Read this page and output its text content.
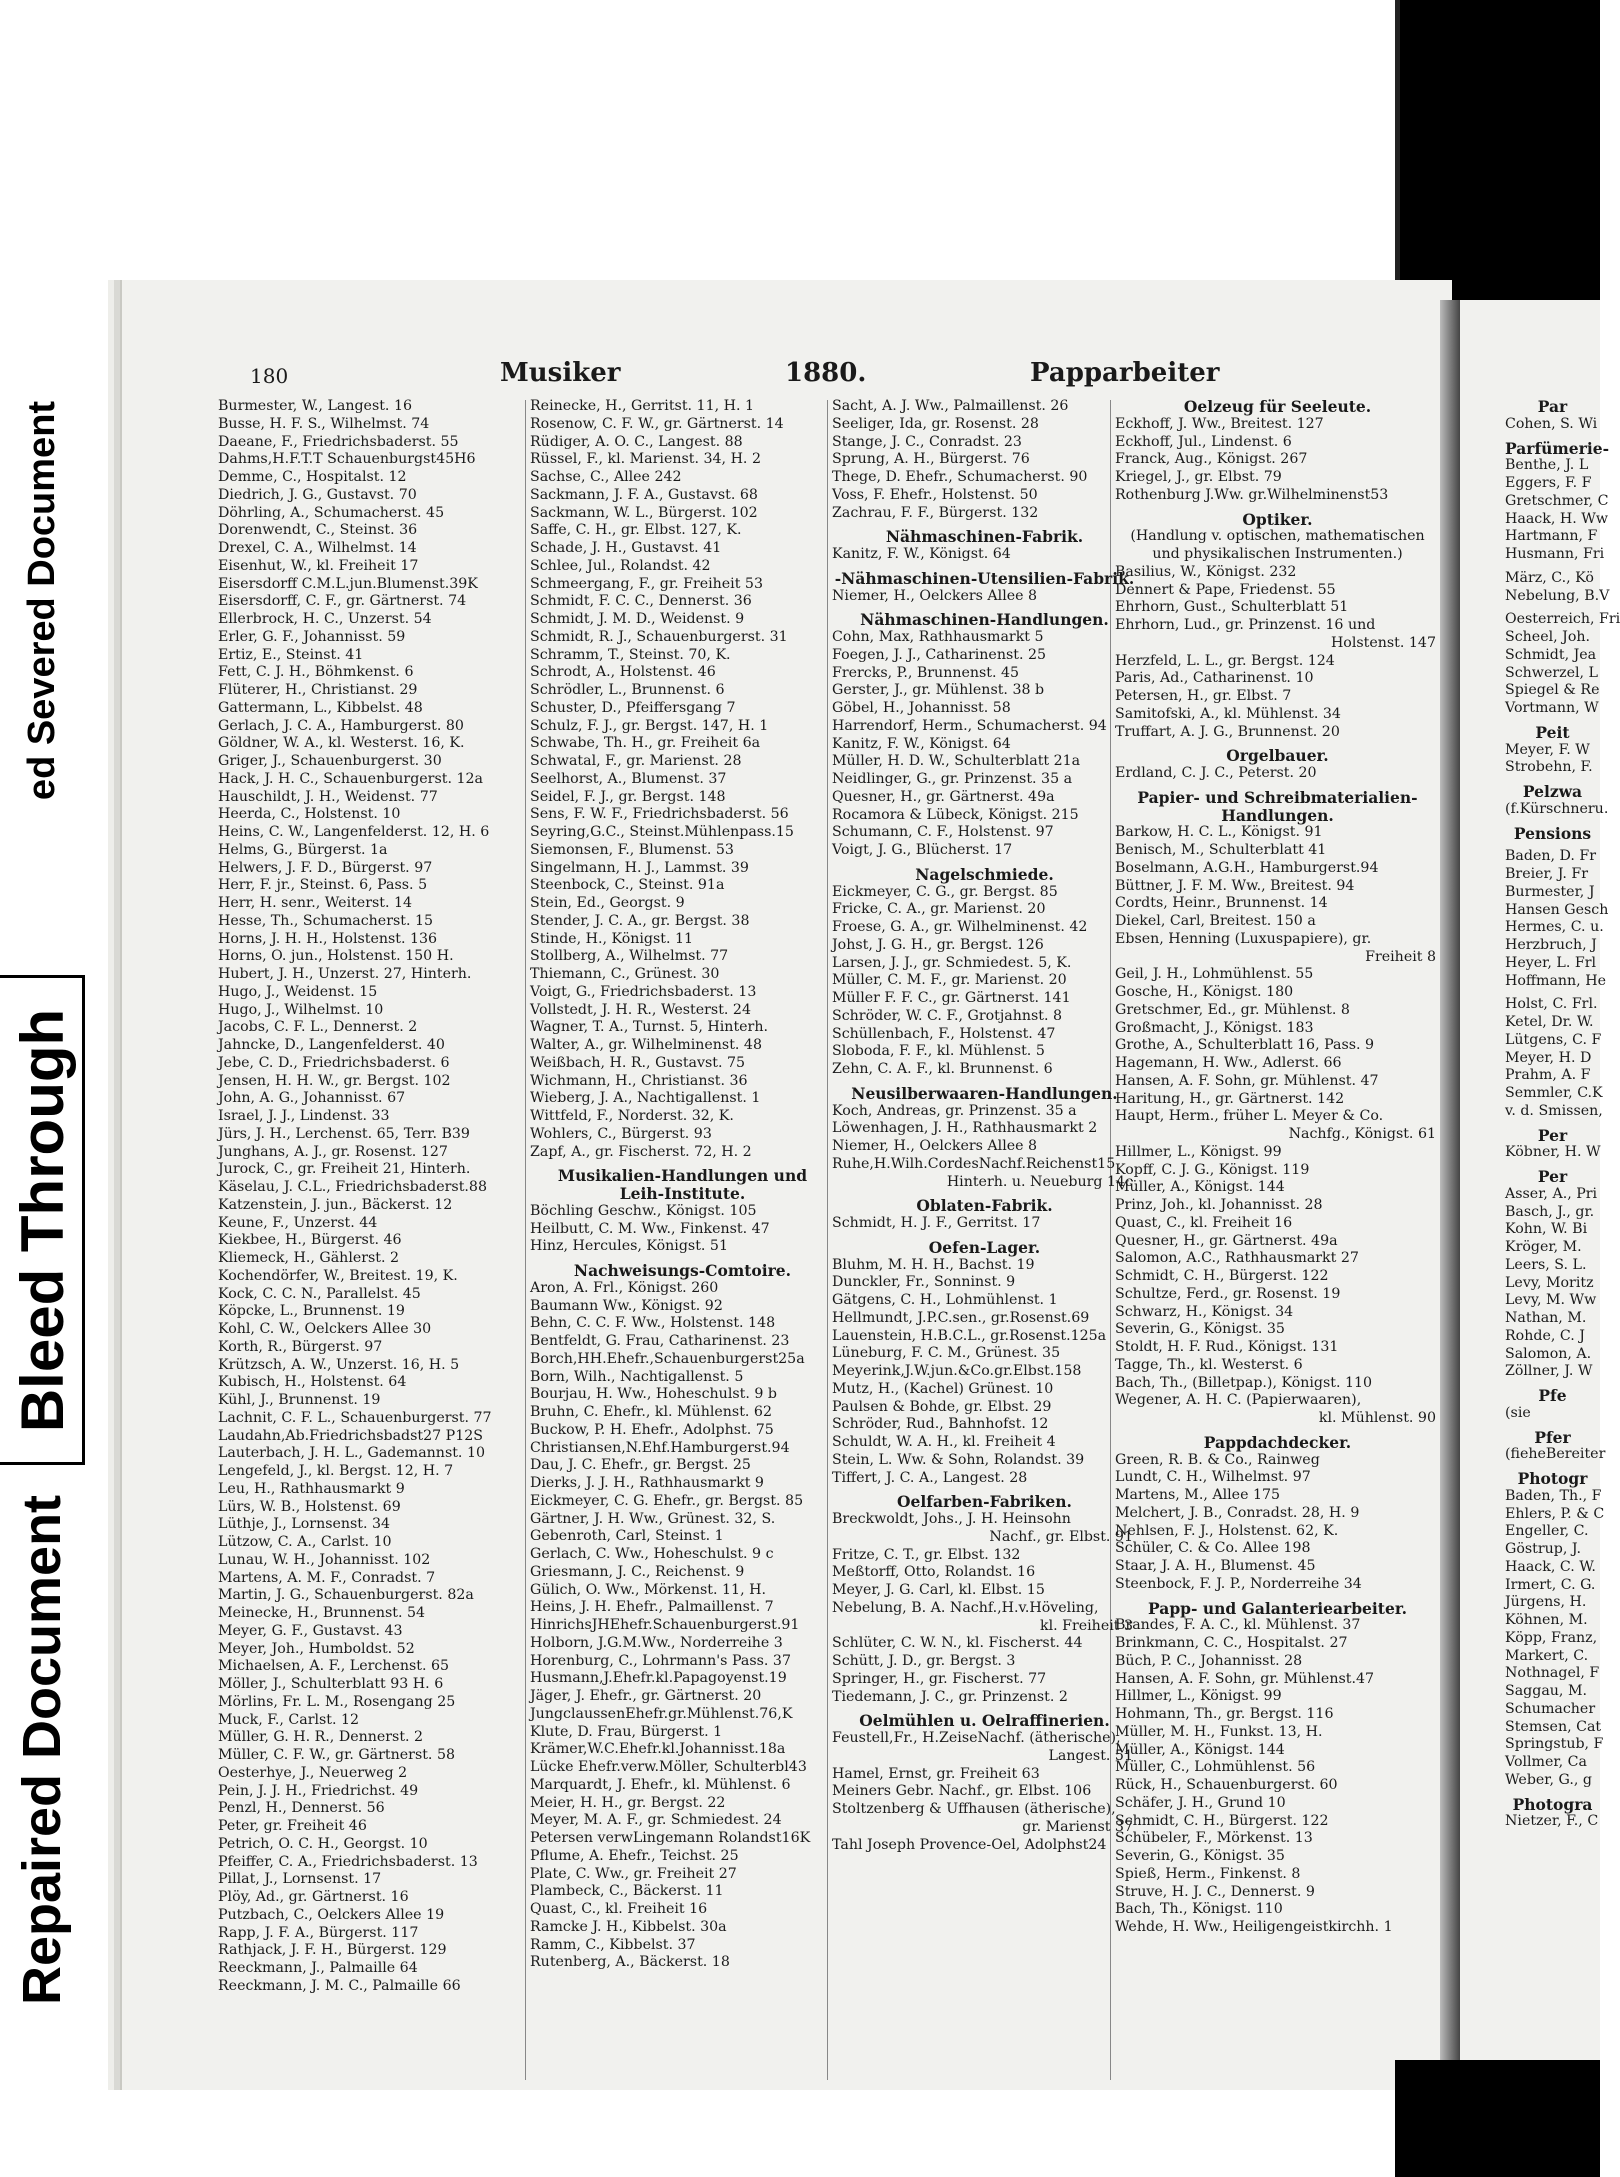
ed Severed Document
Bleed Through
Repaired Document
180	Musiker	1880.	Papparbeiter
Burmester, W., Langest. 16
Busse, H. F. S., Wilhelmst. 74
Daeane, F., Friedrichsbaderst. 55
Dahms,H.F.T.T Schauenburgst45H6
Demme, C., Hospitalst. 12
Diedrich, J. G., Gustavst. 70
Döhrling, A., Schumacherst. 45
Dorenwendt, C., Steinst. 36
Drexel, C. A., Wilhelmst. 14
Eisenhut, W., kl. Freiheit 17
Eisersdorff C.M.L.jun.Blumenst.39K
Eisersdorff, C. F., gr. Gärtnerst. 74
Ellerbrock, H. C., Unzerst. 54
Erler, G. F., Johannisst. 59
Ertiz, E., Steinst. 41
Fett, C. J. H., Böhmkenst. 6
Flüterer, H., Christianst. 29
Gattermann, L., Kibbelst. 48
Gerlach, J. C. A., Hamburgerst. 80
Göldner, W. A., kl. Westerst. 16, K.
Griger, J., Schauenburgerst. 30
Hack, J. H. C., Schauenburgerst. 12a
Hauschildt, J. H., Weidenst. 77
Heerda, C., Holstenst. 10
Heins, C. W., Langenfelderst. 12, H. 6
Helms, G., Bürgerst. 1a
Helwers, J. F. D., Bürgerst. 97
Herr, F. jr., Steinst. 6, Pass. 5
Herr, H. senr., Weiterst. 14
Hesse, Th., Schumacherst. 15
Horns, J. H. H., Holstenst. 136
Horns, O. jun., Holstenst. 150 H.
Hubert, J. H., Unzerst. 27, Hinterh.
Hugo, J., Weidenst. 15
Hugo, J., Wilhelmst. 10
Jacobs, C. F. L., Dennerst. 2
Jahncke, D., Langenfelderst. 40
Jebe, C. D., Friedrichsbaderst. 6
Jensen, H. H. W., gr. Bergst. 102
John, A. G., Johannisst. 67
Israel, J. J., Lindenst. 33
Jürs, J. H., Lerchenst. 65, Terr. B39
Junghans, A. J., gr. Rosenst. 127
Jurock, C., gr. Freiheit 21, Hinterh.
Käselau, J. C.L., Friedrichsbaderst.88
Katzenstein, J. jun., Bäckerst. 12
Keune, F., Unzerst. 44
Kiekbee, H., Bürgerst. 46
Kliemeck, H., Gählerst. 2
Kochendörfer, W., Breitest. 19, K.
Kock, C. C. N., Parallelst. 45
Köpcke, L., Brunnenst. 19
Kohl, C. W., Oelckers Allee 30
Korth, R., Bürgerst. 97
Krützsch, A. W., Unzerst. 16, H. 5
Kubisch, H., Holstenst. 64
Kühl, J., Brunnenst. 19
Lachnit, C. F. L., Schauenburgerst. 77
Laudahn,Ab.Friedrichsbadst27 P12S
Lauterbach, J. H. L., Gademannst. 10
Lengefeld, J., kl. Bergst. 12, H. 7
Leu, H., Rathhausmarkt 9
Lürs, W. B., Holstenst. 69
Lüthje, J., Lornsenst. 34
Lützow, C. A., Carlst. 10
Lunau, W. H., Johannisst. 102
Martens, A. M. F., Conradst. 7
Martin, J. G., Schauenburgerst. 82a
Meinecke, H., Brunnenst. 54
Meyer, G. F., Gustavst. 43
Meyer, Joh., Humboldst. 52
Michaelsen, A. F., Lerchenst. 65
Möller, J., Schulterblatt 93 H. 6
Mörlins, Fr. L. M., Rosengang 25
Muck, F., Carlst. 12
Müller, G. H. R., Dennerst. 2
Müller, C. F. W., gr. Gärtnerst. 58
Oesterhye, J., Neuerweg 2
Pein, J. J. H., Friedrichst. 49
Penzl, H., Dennerst. 56
Peter, gr. Freiheit 46
Petrich, O. C. H., Georgst. 10
Pfeiffer, C. A., Friedrichsbaderst. 13
Pillat, J., Lornsenst. 17
Plöy, Ad., gr. Gärtnerst. 16
Putzbach, C., Oelckers Allee 19
Rapp, J. F. A., Bürgerst. 117
Rathjack, J. F. H., Bürgerst. 129
Reeckmann, J., Palmaille 64
Reeckmann, J. M. C., Palmaille 66
Reinecke, H., Gerritst. 11, H. 1
Rosenow, C. F. W., gr. Gärtnerst. 14
Rüdiger, A. O. C., Langest. 88
Rüssel, F., kl. Marienst. 34, H. 2
Sachse, C., Allee 242
Sackmann, J. F. A., Gustavst. 68
Sackmann, W. L., Bürgerst. 102
Saffe, C. H., gr. Elbst. 127, K.
Schade, J. H., Gustavst. 41
Schlee, Jul., Rolandst. 42
Schmeergang, F., gr. Freiheit 53
Schmidt, F. C. C., Dennerst. 36
Schmidt, J. M. D., Weidenst. 9
Schmidt, R. J., Schauenburgerst. 31
Schramm, T., Steinst. 70, K.
Schrodt, A., Holstenst. 46
Schrödler, L., Brunnenst. 6
Schuster, D., Pfeiffersgang 7
Schulz, F. J., gr. Bergst. 147, H. 1
Schwabe, Th. H., gr. Freiheit 6a
Schwatal, F., gr. Marienst. 28
Seelhorst, A., Blumenst. 37
Seidel, F. J., gr. Bergst. 148
Sens, F. W. F., Friedrichsbaderst. 56
Seyring,G.C., Steinst.Mühlenpass.15
Siemonsen, F., Blumenst. 53
Singelmann, H. J., Lammst. 39
Steenbock, C., Steinst. 91a
Stein, Ed., Georgst. 9
Stender, J. C. A., gr. Bergst. 38
Stinde, H., Königst. 11
Stollberg, A., Wilhelmst. 77
Thiemann, C., Grünest. 30
Voigt, G., Friedrichsbaderst. 13
Vollstedt, J. H. R., Westerst. 24
Wagner, T. A., Turnst. 5, Hinterh.
Walter, A., gr. Wilhelminenst. 48
Weißbach, H. R., Gustavst. 75
Wichmann, H., Christianst. 36
Wieberg, J. A., Nachtigallenst. 1
Wittfeld, F., Norderst. 32, K.
Wohlers, C., Bürgerst. 93
Zapf, A., gr. Fischerst. 72, H. 2
Musikalien-Handlungen und
Leih-Institute.
Böchling Geschw., Königst. 105
Heilbutt, C. M. Ww., Finkenst. 47
Hinz, Hercules, Königst. 51
Nachweisungs-Comtoire.
Aron, A. Frl., Königst. 260
Baumann Ww., Königst. 92
Behn, C. C. F. Ww., Holstenst. 148
Bentfeldt, G. Frau, Catharinenst. 23
Borch,HH.Ehefr.,Schauenburgerst25a
Born, Wilh., Nachtigallenst. 5
Bourjau, H. Ww., Hoheschulst. 9 b
Bruhn, C. Ehefr., kl. Mühlenst. 62
Buckow, P. H. Ehefr., Adolphst. 75
Christiansen,N.Ehf.Hamburgerst.94
Dau, J. C. Ehefr., gr. Bergst. 25
Dierks, J. J. H., Rathhausmarkt 9
Eickmeyer, C. G. Ehefr., gr. Bergst. 85
Gärtner, J. H. Ww., Grünest. 32, S.
Gebenroth, Carl, Steinst. 1
Gerlach, C. Ww., Hoheschulst. 9 c
Griesmann, J. C., Reichenst. 9
Gülich, O. Ww., Mörkenst. 11, H.
Heins, J. H. Ehefr., Palmaillenst. 7
HinrichsJHEhefr.Schauenburgerst.91
Holborn, J.G.M.Ww., Norderreihe 3
Horenburg, C., Lohrmann's Pass. 37
Husmann,J.Ehefr.kl.Papagoyenst.19
Jäger, J. Ehefr., gr. Gärtnerst. 20
JungclaussenEhefr.gr.Mühlenst.76,K
Klute, D. Frau, Bürgerst. 1
Krämer,W.C.Ehefr.kl.Johannisst.18a
Lücke Ehefr.verw.Möller, Schulterbl43
Marquardt, J. Ehefr., kl. Mühlenst. 6
Meier, H. H., gr. Bergst. 22
Meyer, M. A. F., gr. Schmiedest. 24
Petersen verwLingemann Rolandst16K
Pflume, A. Ehefr., Teichst. 25
Plate, C. Ww., gr. Freiheit 27
Plambeck, C., Bäckerst. 11
Quast, C., kl. Freiheit 16
Ramcke J. H., Kibbelst. 30a
Ramm, C., Kibbelst. 37
Rutenberg, A., Bäckerst. 18
Sacht, A. J. Ww., Palmaillenst. 26
Seeliger, Ida, gr. Rosenst. 28
Stange, J. C., Conradst. 23
Sprung, A. H., Bürgerst. 76
Thege, D. Ehefr., Schumacherst. 90
Voss, F. Ehefr., Holstenst. 50
Zachrau, F. F., Bürgerst. 132
Nähmaschinen-Fabrik.
Kanitz, F. W., Königst. 64
-Nähmaschinen-Utensilien-Fabrik.
Niemer, H., Oelckers Allee 8
Nähmaschinen-Handlungen.
Cohn, Max, Rathhausmarkt 5
Foegen, J. J., Catharinenst. 25
Frercks, P., Brunnenst. 45
Gerster, J., gr. Mühlenst. 38 b
Göbel, H., Johannisst. 58
Harrendorf, Herm., Schumacherst. 94
Kanitz, F. W., Königst. 64
Müller, H. D. W., Schulterblatt 21a
Neidlinger, G., gr. Prinzenst. 35 a
Quesner, H., gr. Gärtnerst. 49a
Rocamora & Lübeck, Königst. 215
Schumann, C. F., Holstenst. 97
Voigt, J. G., Blücherst. 17
Nagelschmiede.
Eickmeyer, C. G., gr. Bergst. 85
Fricke, C. A., gr. Marienst. 20
Froese, G. A., gr. Wilhelminenst. 42
Johst, J. G. H., gr. Bergst. 126
Larsen, J. J., gr. Schmiedest. 5, K.
Müller, C. M. F., gr. Marienst. 20
Müller F. F. C., gr. Gärtnerst. 141
Schröder, W. C. F., Grotjahnst. 8
Schüllenbach, F., Holstenst. 47
Sloboda, F. F., kl. Mühlenst. 5
Zehn, C. A. F., kl. Brunnenst. 6
Neusilberwaaren-Handlungen.
Koch, Andreas, gr. Prinzenst. 35 a
Löwenhagen, J. H., Rathhausmarkt 2
Niemer, H., Oelckers Allee 8
Ruhe,H.Wilh.CordesNachf.Reichenst15
Hinterh. u. Neueburg 14c
Oblaten-Fabrik.
Schmidt, H. J. F., Gerritst. 17
Oefen-Lager.
Bluhm, M. H. H., Bachst. 19
Dunckler, Fr., Sonninst. 9
Gätgens, C. H., Lohmühlenst. 1
Hellmundt, J.P.C.sen., gr.Rosenst.69
Lauenstein, H.B.C.L., gr.Rosenst.125a
Lüneburg, F. C. M., Grünest. 35
Meyerink,J.W.jun.&Co.gr.Elbst.158
Mutz, H., (Kachel) Grünest. 10
Paulsen & Bohde, gr. Elbst. 29
Schröder, Rud., Bahnhofst. 12
Schuldt, W. A. H., kl. Freiheit 4
Stein, L. Ww. & Sohn, Rolandst. 39
Tiffert, J. C. A., Langest. 28
Oelfarben-Fabriken.
Breckwoldt, Johs., J. H. Heinsohn
Nachf., gr. Elbst. 91
Fritze, C. T., gr. Elbst. 132
Meßtorff, Otto, Rolandst. 16
Meyer, J. G. Carl, kl. Elbst. 15
Nebelung, B. A. Nachf.,H.v.Höveling,
kl. Freiheit 3
Schlüter, C. W. N., kl. Fischerst. 44
Schütt, J. D., gr. Bergst. 3
Springer, H., gr. Fischerst. 77
Tiedemann, J. C., gr. Prinzenst. 2
Oelmühlen u. Oelraffinerien.
Feustell,Fr., H.ZeiseNachf. (ätherische),
Langest. 51
Hamel, Ernst, gr. Freiheit 63
Meiners Gebr. Nachf., gr. Elbst. 106
Stoltzenberg & Uffhausen (ätherische),
gr. Marienst 37
Tahl Joseph Provence-Oel, Adolphst24
Oelzeug für Seeleute.
Eckhoff, J. Ww., Breitest. 127
Eckhoff, Jul., Lindenst. 6
Franck, Aug., Königst. 267
Kriegel, J., gr. Elbst. 79
Rothenburg J.Ww. gr.Wilhelminenst53
Optiker.
(Handlung v. optischen, mathematischen
und physikalischen Instrumenten.)
Basilius, W., Königst. 232
Dennert & Pape, Friedenst. 55
Ehrhorn, Gust., Schulterblatt 51
Ehrhorn, Lud., gr. Prinzenst. 16 und
Holstenst. 147
Herzfeld, L. L., gr. Bergst. 124
Paris, Ad., Catharinenst. 10
Petersen, H., gr. Elbst. 7
Samitofski, A., kl. Mühlenst. 34
Truffart, A. J. G., Brunnenst. 20
Orgelbauer.
Erdland, C. J. C., Peterst. 20
Papier- und Schreibmaterialien-
Handlungen.
Barkow, H. C. L., Königst. 91
Benisch, M., Schulterblatt 41
Boselmann, A.G.H., Hamburgerst.94
Büttner, J. F. M. Ww., Breitest. 94
Cordts, Heinr., Brunnenst. 14
Diekel, Carl, Breitest. 150 a
Ebsen, Henning (Luxuspapiere), gr.
Freiheit 8
Geil, J. H., Lohmühlenst. 55
Gosche, H., Königst. 180
Gretschmer, Ed., gr. Mühlenst. 8
Großmacht, J., Königst. 183
Grothe, A., Schulterblatt 16, Pass. 9
Hagemann, H. Ww., Adlerst. 66
Hansen, A. F. Sohn, gr. Mühlenst. 47
Haritung, H., gr. Gärtnerst. 142
Haupt, Herm., früher L. Meyer & Co.
Nachfg., Königst. 61
Hillmer, L., Königst. 99
Kopff, C. J. G., Königst. 119
Müller, A., Königst. 144
Prinz, Joh., kl. Johannisst. 28
Quast, C., kl. Freiheit 16
Quesner, H., gr. Gärtnerst. 49a
Salomon, A.C., Rathhausmarkt 27
Schmidt, C. H., Bürgerst. 122
Schultze, Ferd., gr. Rosenst. 19
Schwarz, H., Königst. 34
Severin, G., Königst. 35
Stoldt, H. F. Rud., Königst. 131
Tagge, Th., kl. Westerst. 6
Bach, Th., (Billetpap.), Königst. 110
Wegener, A. H. C. (Papierwaaren),
kl. Mühlenst. 90
Pappdachdecker.
Green, R. B. & Co., Rainweg
Lundt, C. H., Wilhelmst. 97
Martens, M., Allee 175
Melchert, J. B., Conradst. 28, H. 9
Nehlsen, F. J., Holstenst. 62, K.
Schüler, C. & Co. Allee 198
Staar, J. A. H., Blumenst. 45
Steenbock, F. J. P., Norderreihe 34
Papp- und Galanteriearbeiter.
Brandes, F. A. C., kl. Mühlenst. 37
Brinkmann, C. C., Hospitalst. 27
Büch, P. C., Johannisst. 28
Hansen, A. F. Sohn, gr. Mühlenst.47
Hillmer, L., Königst. 99
Hohmann, Th., gr. Bergst. 116
Müller, M. H., Funkst. 13, H.
Müller, A., Königst. 144
Müller, C., Lohmühlenst. 56
Rück, H., Schauenburgerst. 60
Schäfer, J. H., Grund 10
Schmidt, C. H., Bürgerst. 122
Schübeler, F., Mörkenst. 13
Severin, G., Königst. 35
Spieß, Herm., Finkenst. 8
Struve, H. J. C., Dennerst. 9
Bach, Th., Königst. 110
Wehde, H. Ww., Heiligengeistkirchh. 1
Par
Cohen, S. Wi
Parfümerie-
Benthe, J. L
Eggers, F. F
Gretschmer, C
Haack, H. Ww
Hartmann, F
Husmann, Fri
März, C., Kö
Nebelung, B.V
Oesterreich, Fri
Scheel, Joh.
Schmidt, Jea
Schwerzel, L
Spiegel & Re
Vortmann, W
Peit
Meyer, F. W
Strobehn, F.
Pelzwa
(f.Kürschneru.
Pensions
Baden, D. Fr
Breier, J. Fr
Burmester, J
Hansen Gesch
Hermes, C. u.
Herzbruch, J
Heyer, L. Frl
Hoffmann, He
Holst, C. Frl.
Ketel, Dr. W.
Lütgens, C. F
Meyer, H. D
Prahm, A. F
Semmler, C.K
v. d. Smissen,
Per
Köbner, H. W
Per
Asser, A., Pri
Basch, J., gr.
Kohn, W. Bi
Kröger, M.
Leers, S. L.
Levy, Moritz
Levy, M. Ww
Nathan, M.
Rohde, C. J
Salomon, A.
Zöllner, J. W
Pfe
(sie
Pfer
(fieheBereiter
Photogr
Baden, Th., F
Ehlers, P. & C
Engeller, C.
Göstrup, J.
Haack, C. W.
Irmert, C. G.
Jürgens, H.
Köhnen, M.
Köpp, Franz,
Markert, C.
Nothnagel, F
Saggau, M.
Schumacher
Stemsen, Cat
Springstub, F
Vollmer, Ca
Weber, G., g
Photogra
Nietzer, F., C
